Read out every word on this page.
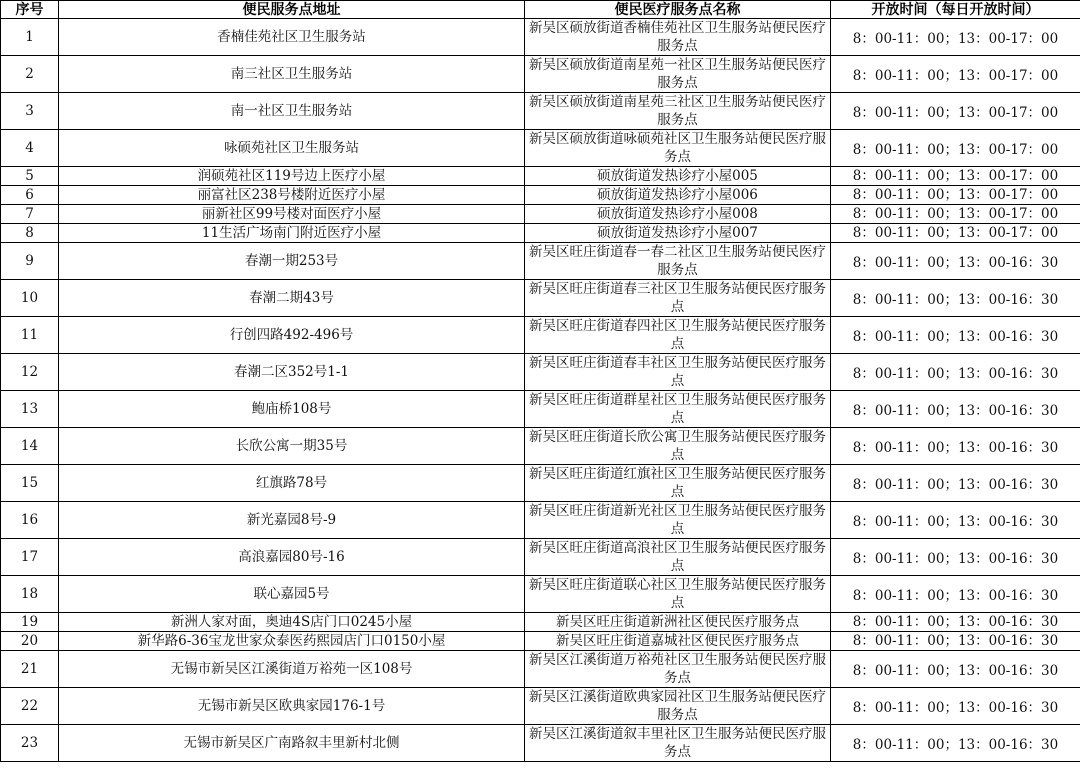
序号	便民服务点地址	便民医疗服务点名称	开放时间（每日开放时间）
1	香楠佳苑社区卫生服务站	新吴区硕放街道香楠佳苑社区卫生服务站便民医疗服务点	8：00-11：00；13：00-17：00
2	南三社区卫生服务站	新吴区硕放街道南星苑一社区卫生服务站便民医疗服务点	8：00-11：00；13：00-17：00
3	南一社区卫生服务站	新吴区硕放街道南星苑三社区卫生服务站便民医疗服务点	8：00-11：00；13：00-17：00
4	咏硕苑社区卫生服务站	新吴区硕放街道咏硕苑社区卫生服务站便民医疗服务点	8：00-11：00；13：00-17：00
5	润硕苑社区119号边上医疗小屋	硕放街道发热诊疗小屋005	8：00-11：00；13：00-17：00
6	丽富社区238号楼附近医疗小屋	硕放街道发热诊疗小屋006	8：00-11：00；13：00-17：00
7	丽新社区99号楼对面医疗小屋	硕放街道发热诊疗小屋008	8：00-11：00；13：00-17：00
8	11生活广场南门附近医疗小屋	硕放街道发热诊疗小屋007	8：00-11：00；13：00-17：00
9	春潮一期253号	新吴区旺庄街道春一春二社区卫生服务站便民医疗服务点	8：00-11：00；13：00-16：30
10	春潮二期43号	新吴区旺庄街道春三社区卫生服务站便民医疗服务点	8：00-11：00；13：00-16：30
11	行创四路492-496号	新吴区旺庄街道春四社区卫生服务站便民医疗服务点	8：00-11：00；13：00-16：30
12	春潮二区352号1-1	新吴区旺庄街道春丰社区卫生服务站便民医疗服务点	8：00-11：00；13：00-16：30
13	鲍庙桥108号	新吴区旺庄街道群星社区卫生服务站便民医疗服务点	8：00-11：00；13：00-16：30
14	长欣公寓一期35号	新吴区旺庄街道长欣公寓卫生服务站便民医疗服务点	8：00-11：00；13：00-16：30
15	红旗路78号	新吴区旺庄街道红旗社区卫生服务站便民医疗服务点	8：00-11：00；13：00-16：30
16	新光嘉园8号-9	新吴区旺庄街道新光社区卫生服务站便民医疗服务点	8：00-11：00；13：00-16：30
17	高浪嘉园80号-16	新吴区旺庄街道高浪社区卫生服务站便民医疗服务点	8：00-11：00；13：00-16：30
18	联心嘉园5号	新吴区旺庄街道联心社区卫生服务站便民医疗服务点	8：00-11：00；13：00-16：30
19	新洲人家对面，奥迪4S店门口0245小屋	新吴区旺庄街道新洲社区便民医疗服务点	8：00-11：00；13：00-16：30
20	新华路6-36宝龙世家众泰医药熙园店门口0150小屋	新吴区旺庄街道嘉城社区便民医疗服务点	8：00-11：00；13：00-16：30
21	无锡市新吴区江溪街道万裕苑一区108号	新吴区江溪街道万裕苑社区卫生服务站便民医疗服务点	8：00-11：00；13：00-16：30
22	无锡市新吴区欧典家园176-1号	新吴区江溪街道欧典家园社区卫生服务站便民医疗服务点	8：00-11：00；13：00-16：30
23	无锡市新吴区广南路叙丰里新村北侧	新吴区江溪街道叙丰里社区卫生服务站便民医疗服务点	8：00-11：00；13：00-16：30
